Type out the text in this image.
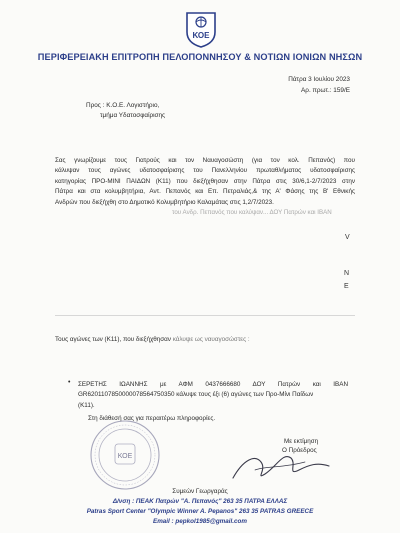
ΚΟΕ
ΠΕΡΙΦΕΡΕΙΑΚΗ ΕΠΙΤΡΟΠΗ ΠΕΛΟΠΟΝΝΗΣΟΥ & ΝΟΤΙΩΝ ΙΟΝΙΩΝ ΝΗΣΩΝ
Πάτρα 3 Ιουλίου 2023
Αρ. πρωτ.: 159/Ε
Προς : Κ.Ο.Ε. Λογιστήριο,
τμήμα Υδατοσφαίρισης
Σας γνωρίζουμε τους Γιατρούς και τον Ναυαγοσώστη (για τον κολ. Πεπανός) που
κάλυψαν τους αγώνες υδατοσφαίρισης του Πανελληνίου πρωταθλήματος υδατοσφαίρισης
κατηγορίας ΠΡΟ-ΜΙΝΙ ΠΑΙΔΩΝ (Κ11) που διεξήχθησαν στην Πάτρα στις 30/6,1-2/7/2023 στην
Πάτρα και στα κολυμβητήρια, Αντ. Πεπανός και Επ. Πετραλιάς,& της Α' Φάσης της Β' Εθνικής
Ανδρών που διεξήχθη στο Δημοτικό Κολυμβητήριο Καλαμάτας στις 1,2/7/2023.
του Ανδρ. Πεπανός που καλύψαν... ΔΟΥ Πατρών και ΙΒΑΝ
V
N
E
Τους αγώνες των (Κ11), που διεξήχθησαν κάλυψε ως ναυαγοσώστες :
• ΣΕΡΕΤΗΣ ΙΩΑΝΝΗΣ με ΑΦΜ 0437666680 ΔΟΥ Πατρών και ΙΒΑΝ
GR6201107850000078564750350 κάλυψε τους έξι (6) αγώνες των Προ-Μίνι Παίδων
(Κ11).
Στη διάθεσή σας για περαιτέρω πληροφορίες.
ΚΟΕ
Με εκτίμηση
Ο Πρόεδρος
Συμεών Γεωργαράς
Δ/νση : ΠΕΑΚ Πατρών "Α. Πεπανός" 263 35 ΠΑΤΡΑ ΕΛΛΑΣ
Patras Sport Center "Olympic Winner A. Pepanos" 263 35 PATRAS GREECE
Email : pepkol1985@gmail.com
